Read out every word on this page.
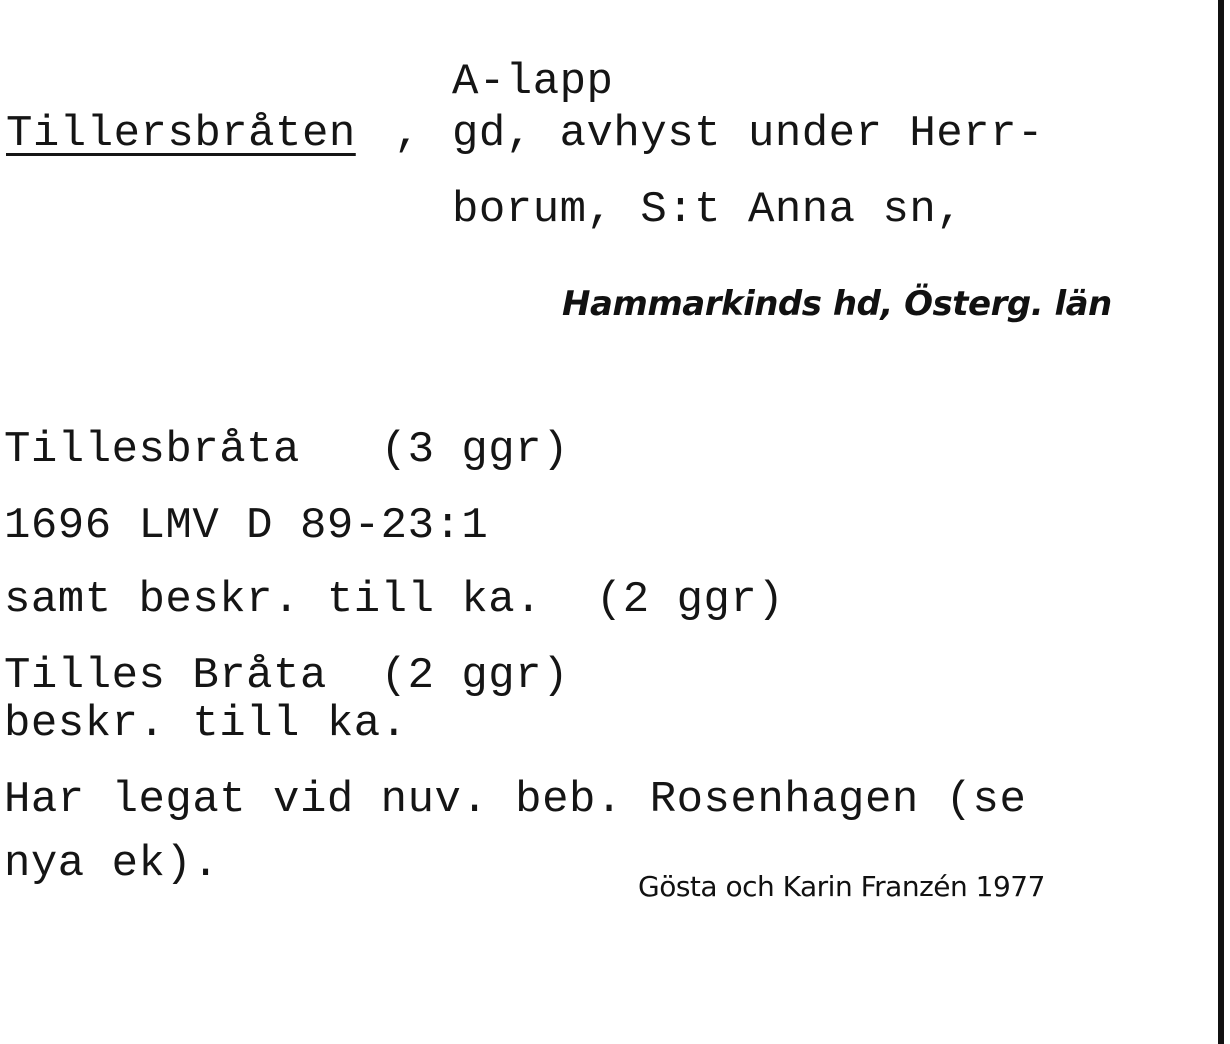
A-lapp
Tillersbråten , gd, avhyst under Herr-
borum, S:t Anna sn,
Hammarkinds hd, Österg. län
Tillesbråta   (3 ggr)
1696 LMV D 89-23:1
samt beskr. till ka.  (2 ggr)
Tilles Bråta  (2 ggr)
beskr. till ka.
Har legat vid nuv. beb. Rosenhagen (se
nya ek).	Gösta och Karin Franzén 1977
